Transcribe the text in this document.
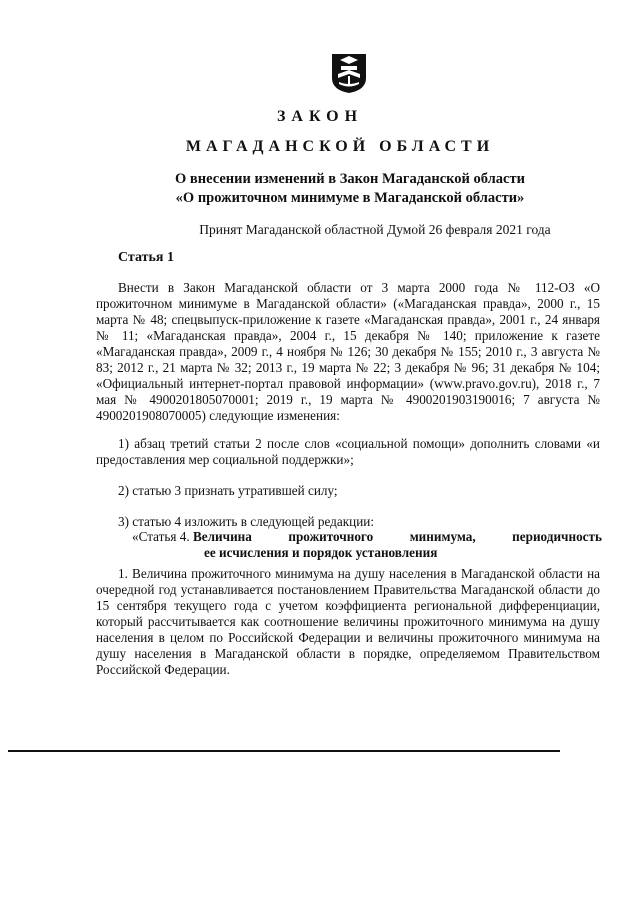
ЗАКОН
МАГАДАНСКОЙ ОБЛАСТИ
О внесении изменений в Закон Магаданской области
«О прожиточном минимуме в Магаданской области»
Принят Магаданской областной Думой 26 февраля 2021 года
Статья 1

Внести в Закон Магаданской области от 3 марта 2000 года № 112-ОЗ «О прожиточном минимуме в Магаданской области» («Магаданская правда», 2000 г., 15 марта № 48; спецвыпуск-приложение к газете «Магаданская правда», 2001 г., 24 января № 11; «Магаданская правда», 2004 г., 15 декабря № 140; приложение к газете «Магаданская правда», 2009 г., 4 ноября № 126; 30 декабря № 155; 2010 г., 3 августа № 83; 2012 г., 21 марта № 32; 2013 г., 19 марта № 22; 3 декабря № 96; 31 декабря № 104; «Официальный интернет-портал правовой информации» (www.pravo.gov.ru), 2018 г., 7 мая № 4900201805070001; 2019 г., 19 марта № 4900201903190016; 7 августа № 4900201908070005) следующие изменения:

1) абзац третий статьи 2 после слов «социальной помощи» дополнить словами «и предоставления мер социальной поддержки»;

2) статью 3 признать утратившей силу;

3) статью 4 изложить в следующей редакции:

«Статья 4. Величина	прожиточного	минимума,	периодичность
ее исчисления и порядок установления

1. Величина прожиточного минимума на душу населения в Магаданской области на очередной год устанавливается постановлением Правительства Магаданской области до 15 сентября текущего года с учетом коэффициента региональной дифференциации, который рассчитывается как соотношение величины прожиточного минимума на душу населения в целом по Российской Федерации и величины прожиточного минимума на душу населения в Магаданской области в порядке, определяемом Правительством Российской Федерации.
